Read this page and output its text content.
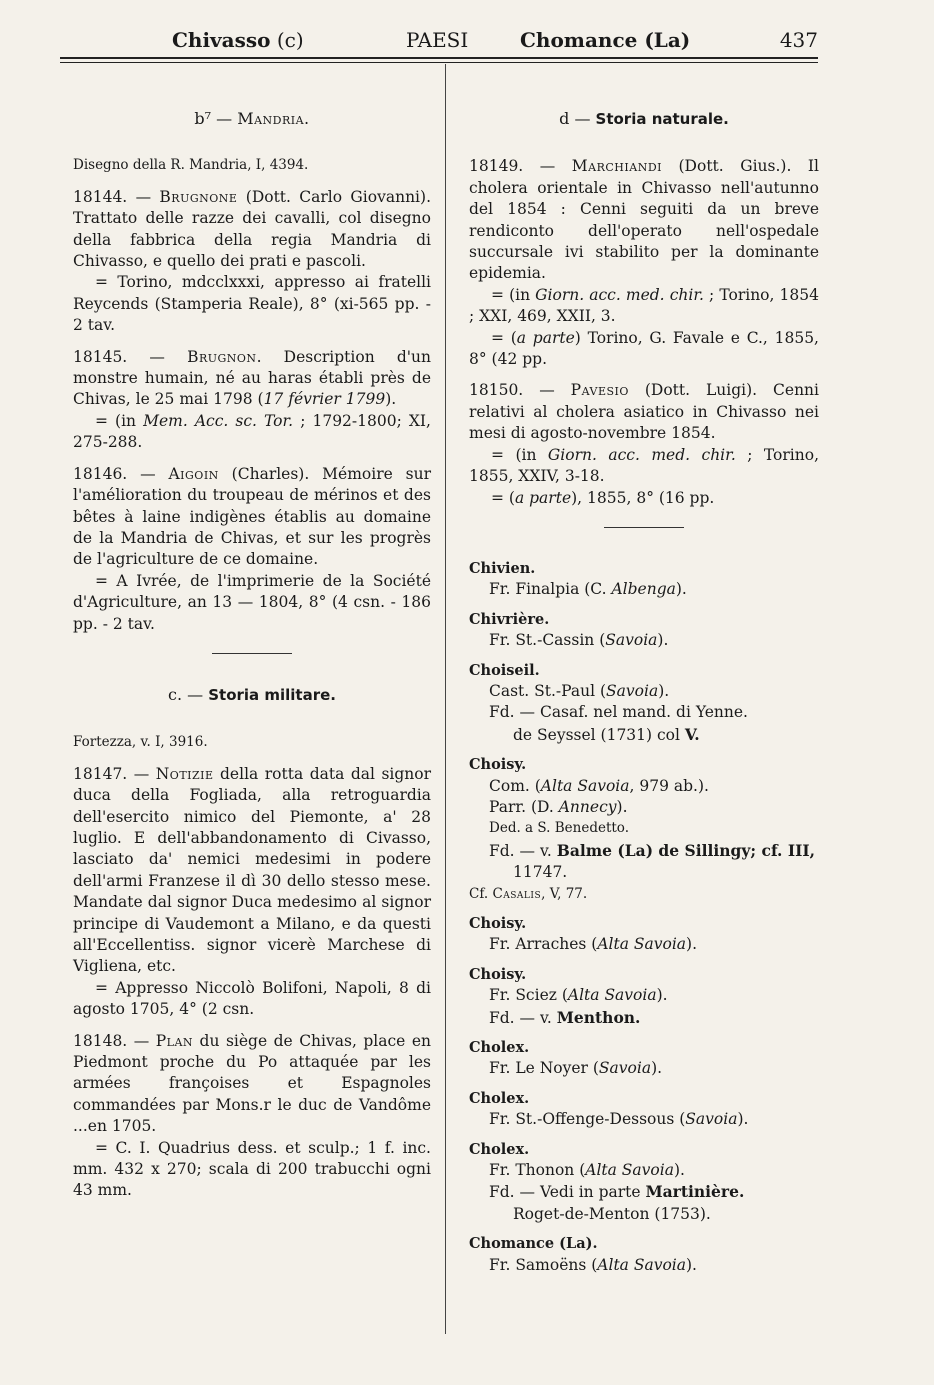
Chivasso (c)	PAESI	Chomance (La)	437
b⁷ — Mandria.
Disegno della R. Mandria, I, 4394.
18144. — Brugnone (Dott. Carlo Giovanni). Trattato delle razze dei cavalli, col disegno della fabbrica della regia Mandria di Chivasso, e quello dei prati e pascoli.

= Torino, mdcclxxxi, appresso ai fratelli Reycends (Stamperia Reale), 8° (xi-565 pp. - 2 tav.

18145. — Brugnon. Description d'un monstre humain, né au haras établi près de Chivas, le 25 mai 1798 (17 février 1799).

= (in Mem. Acc. sc. Tor. ; 1792-1800; XI, 275-288.

18146. — Aigoin (Charles). Mémoire sur l'amélioration du troupeau de mérinos et des bêtes à laine indigènes établis au domaine de la Mandria de Chivas, et sur les progrès de l'agriculture de ce domaine.

= A Ivrée, de l'imprimerie de la Société d'Agriculture, an 13 — 1804, 8° (4 csn. - 186 pp. - 2 tav.

c. — Storia militare.
Fortezza, v. I, 3916.
18147. — Notizie della rotta data dal signor duca della Fogliada, alla retroguardia dell'esercito nimico del Piemonte, a' 28 luglio. E dell'abbandonamento di Civasso, lasciato da' nemici medesimi in podere dell'armi Franzese il dì 30 dello stesso mese. Mandate dal signor Duca medesimo al signor principe di Vaudemont a Milano, e da questi all'Eccellentiss. signor vicerè Marchese di Vigliena, etc.

= Appresso Niccolò Bolifoni, Napoli, 8 di agosto 1705, 4° (2 csn.

18148. — Plan du siège de Chivas, place en Piedmont proche du Po attaquée par les armées françoises et Espagnoles commandées par Mons.r le duc de Vandôme ...en 1705.

= C. I. Quadrius dess. et sculp.; 1 f. inc. mm. 432 x 270; scala di 200 trabucchi ogni 43 mm.

d — Storia naturale.
18149. — Marchiandi (Dott. Gius.). Il cholera orientale in Chivasso nell'autunno del 1854 : Cenni seguiti da un breve rendiconto dell'operato nell'ospedale succursale ivi stabilito per la dominante epidemia.

= (in Giorn. acc. med. chir. ; Torino, 1854 ; XXI, 469, XXII, 3.

= (a parte) Torino, G. Favale e C., 1855, 8° (42 pp.

18150. — Pavesio (Dott. Luigi). Cenni relativi al cholera asiatico in Chivasso nei mesi di agosto-novembre 1854.

= (in Giorn. acc. med. chir. ; Torino, 1855, XXIV, 3-18.

= (a parte), 1855, 8° (16 pp.

Chivien.
Fr. Finalpia (C. Albenga).
Chivrière.
Fr. St.-Cassin (Savoia).
Choiseil.
Cast. St.-Paul (Savoia).
Fd. — Casaf. nel mand. di Yenne.
de Seyssel (1731) col V.
Choisy.
Com. (Alta Savoia, 979 ab.).
Parr. (D. Annecy).
Ded. a S. Benedetto.
Fd. — v. Balme (La) de Sillingy; cf. III,
11747.
Cf. Casalis, V, 77.
Choisy.
Fr. Arraches (Alta Savoia).
Choisy.
Fr. Sciez (Alta Savoia).
Fd. — v. Menthon.
Cholex.
Fr. Le Noyer (Savoia).
Cholex.
Fr. St.-Offenge-Dessous (Savoia).
Cholex.
Fr. Thonon (Alta Savoia).
Fd. — Vedi in parte Martinière.
Roget-de-Menton (1753).
Chomance (La).
Fr. Samoëns (Alta Savoia).
